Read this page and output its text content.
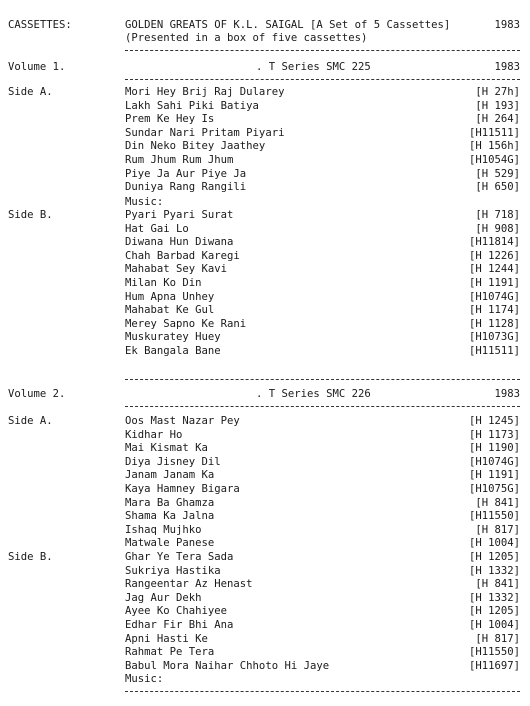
CASSETTES:	GOLDEN GREATS OF K.L. SAIGAL [A Set of 5 Cassettes]	1983
(Presented in a box of five cassettes)
Volume 1.	. T Series SMC 225	1983
Side A.	Mori Hey Brij Raj Dularey	[H 27h]
Lakh Sahi Piki Batiya	[H 193]
Prem Ke Hey Is	[H 264]
Sundar Nari Pritam Piyari	[H11511]
Din Neko Bitey Jaathey	[H 156h]
Rum Jhum Rum Jhum	[H1054G]
Piye Ja Aur Piye Ja	[H 529]
Duniya Rang Rangili	[H 650]
Music:
Side B.	Pyari Pyari Surat	[H 718]
Hat Gai Lo	[H 908]
Diwana Hun Diwana	[H11814]
Chah Barbad Karegi	[H 1226]
Mahabat Sey Kavi	[H 1244]
Milan Ko Din	[H 1191]
Hum Apna Unhey	[H1074G]
Mahabat Ke Gul	[H 1174]
Merey Sapno Ke Rani	[H 1128]
Muskuratey Huey	[H1073G]
Ek Bangala Bane	[H11511]
Volume 2.	. T Series SMC 226	1983
Side A.	Oos Mast Nazar Pey	[H 1245]
Kidhar Ho	[H 1173]
Mai Kismat Ka	[H 1190]
Diya Jisney Dil	[H1074G]
Janam Janam Ka	[H 1191]
Kaya Hamney Bigara	[H1075G]
Mara Ba Ghamza	[H 841]
Shama Ka Jalna	[H11550]
Ishaq Mujhko	[H 817]
Matwale Panese	[H 1004]
Side B.	Ghar Ye Tera Sada	[H 1205]
Sukriya Hastika	[H 1332]
Rangeentar Az Henast	[H 841]
Jag Aur Dekh	[H 1332]
Ayee Ko Chahiyee	[H 1205]
Edhar Fir Bhi Ana	[H 1004]
Apni Hasti Ke	[H 817]
Rahmat Pe Tera	[H11550]
Babul Mora Naihar Chhoto Hi Jaye	[H11697]
Music:
